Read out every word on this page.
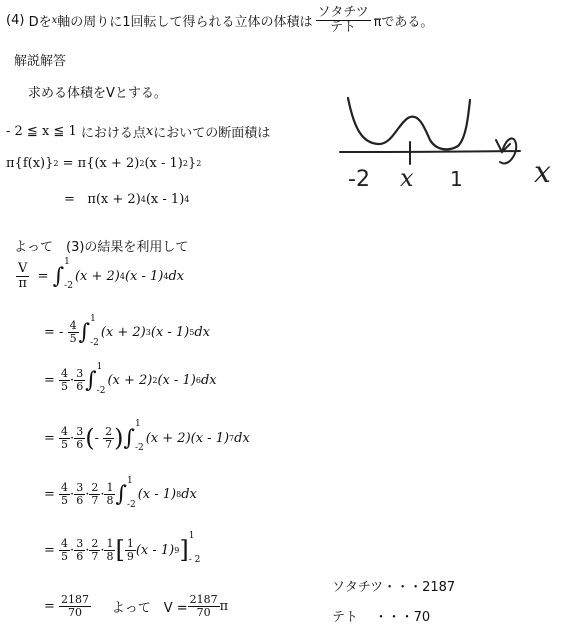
(4)
Dを x 軸の周りに1回転して得られる立体の体積は $\frac{\text{ソタチツ}}{\text{テト}}$ πである。
解説解答
求める体積をVとする。
- 2 ≦ x ≦ 1
における点 x においての断面積は
π{f(x)} 2
=
π{(x + 2) 2 (x - 1) 2 } 2
=
π(x + 2) 4 (x - 1) 4
-2 x 1 x
よって　(3)の結果を利用して
$\frac{V}{\pi}$
=
∫
1
-2
(x + 2) 4 (x - 1) 4 dx
=
-
$\frac{4}{5}$ ∫
1
-2
(x + 2) 3 (x - 1) 5 dx
=
$\frac{4}{5} \cdot \frac{3}{6}$ ∫
1
-2
(x + 2) 2 (x - 1) 6 dx
=
$\frac{4}{5} \cdot \frac{3}{6}$ ( -
$\frac{2}{7}$ ) ∫
1
-2
(x + 2)(x - 1) 7 dx
=
$\frac{4}{5} \cdot \frac{3}{6} \cdot \frac{2}{7} \cdot \frac{1}{8}$ ∫
1
-2
(x - 1) 8 dx
=
$\frac{4}{5} \cdot \frac{3}{6} \cdot \frac{2}{7} \cdot \frac{1}{8}$ [ $\frac{1}{9} (x - 1)$ 9 ] 1
- 2
=
$\frac{2187}{70}$
よって　$V = \frac{2187}{70}$ π
ソタチツ・・・2187
テト ・・・70
